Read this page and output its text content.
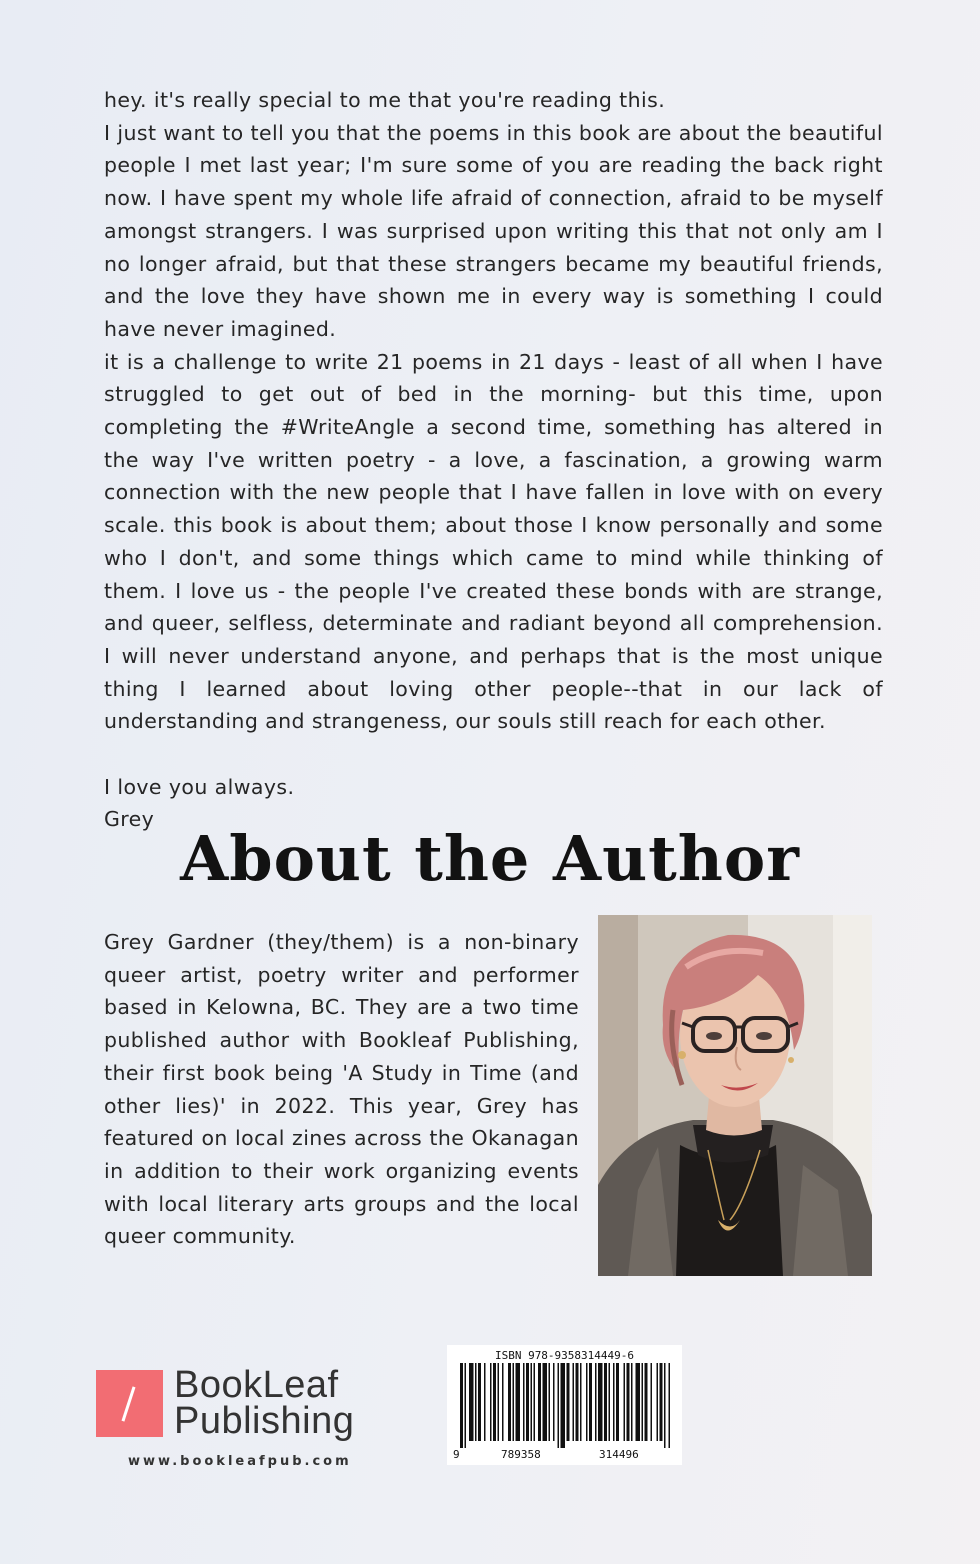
hey. it's really special to me that you're reading this.

I just want to tell you that the poems in this book are about the beautiful people I met last year; I'm sure some of you are reading the back right now. I have spent my whole life afraid of connection, afraid to be myself amongst strangers. I was surprised upon writing this that not only am I no longer afraid, but that these strangers became my beautiful friends, and the love they have shown me in every way is something I could have never imagined.

it is a challenge to write 21 poems in 21 days - least of all when I have struggled to get out of bed in the morning- but this time, upon completing the #WriteAngle a second time, something has altered in the way I've written poetry - a love, a fascination, a growing warm connection with the new people that I have fallen in love with on every scale. this book is about them; about those I know personally and some who I don't, and some things which came to mind while thinking of them. I love us - the people I've created these bonds with are strange, and queer, selfless, determinate and radiant beyond all comprehension. I will never understand anyone, and perhaps that is the most unique thing I learned about loving other people--that in our lack of understanding and strangeness, our souls still reach for each other.

I love you always.

Grey

About the Author

Grey Gardner (they/them) is a non-binary queer artist, poetry writer and performer based in Kelowna, BC. They are a two time published author with Bookleaf Publishing, their first book being 'A Study in Time (and other lies)' in 2022. This year, Grey has featured on local zines across the Okanagan in addition to their work organizing events with local literary arts groups and the local queer community.

BookLeaf
Publishing
www.bookleafpub.com
ISBN 978-9358314449-6
9	789358	314496
